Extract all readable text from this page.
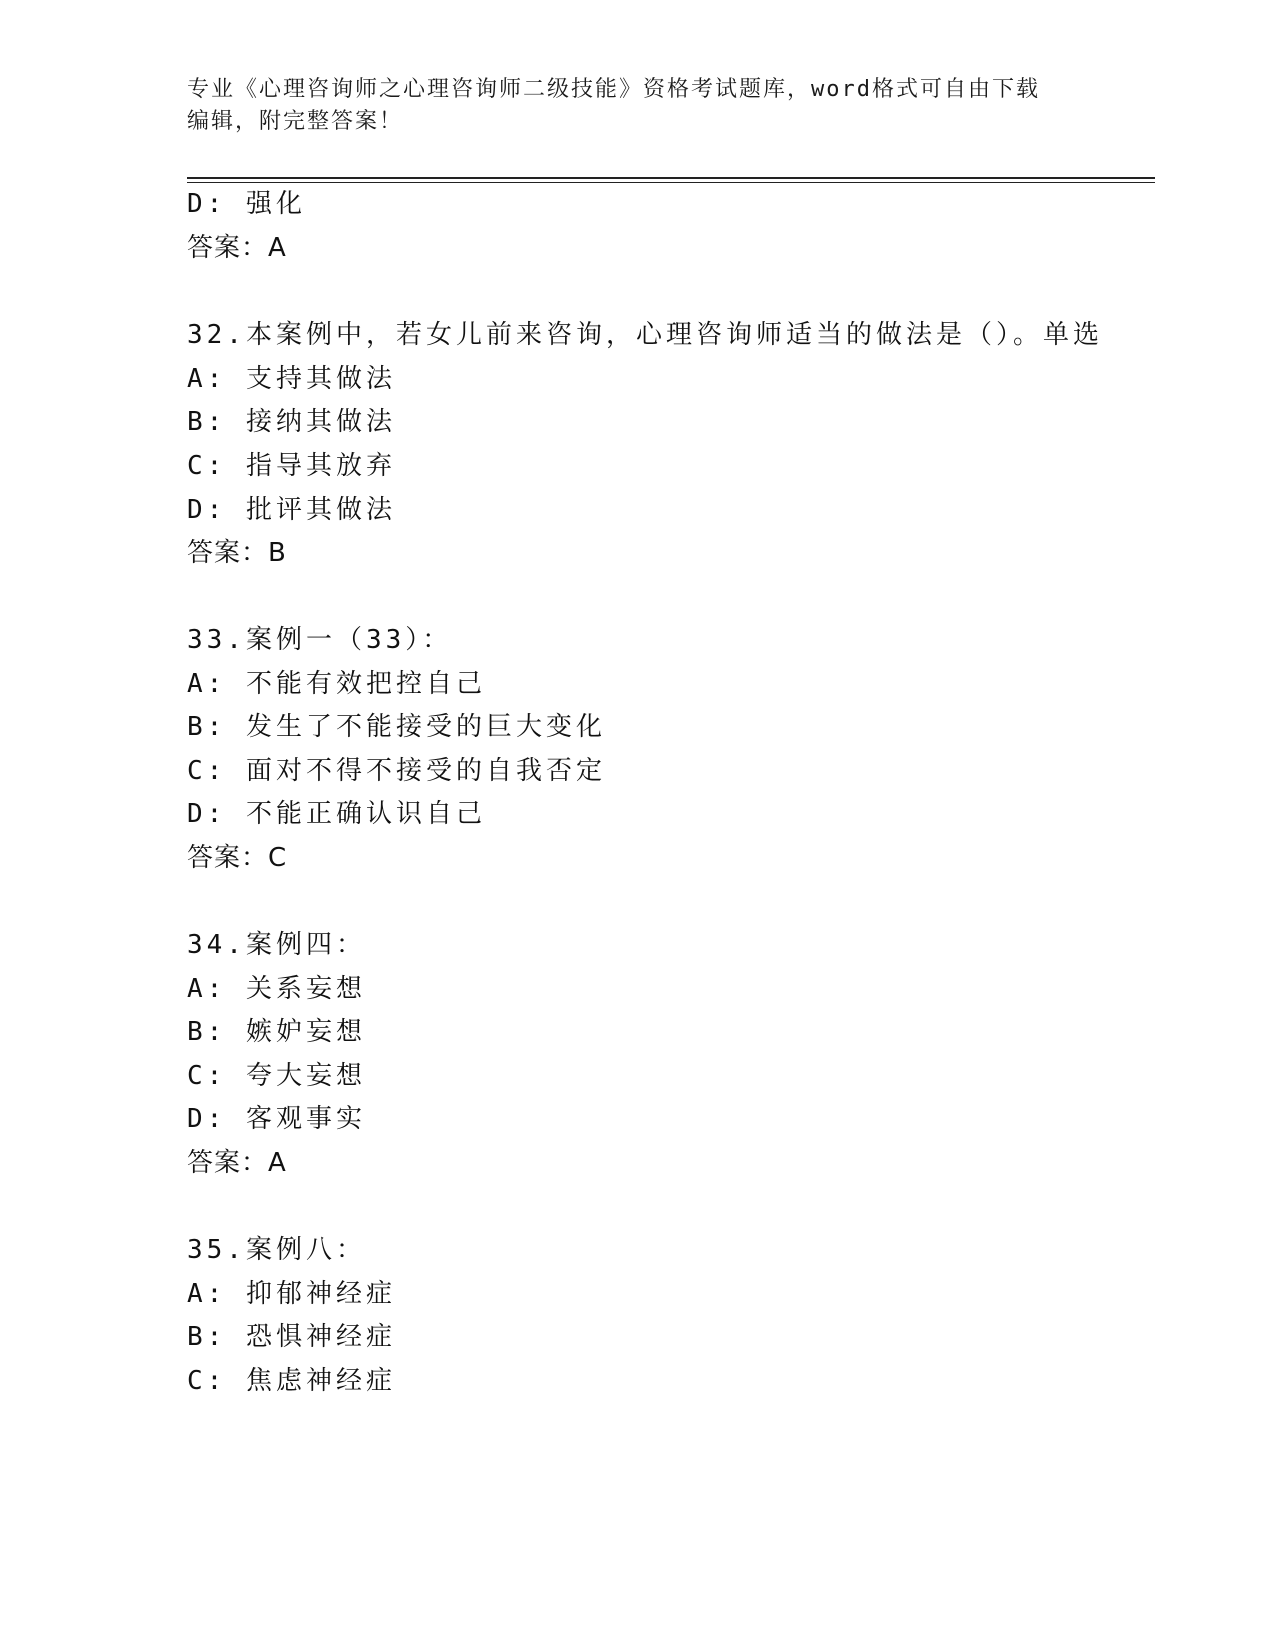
专业《心理咨询师之心理咨询师二级技能》资格考试题库，word格式可自由下载
编辑，附完整答案！
D: 强化
答案：A
32.本案例中，若女儿前来咨询，心理咨询师适当的做法是（）。单选
A: 支持其做法
B: 接纳其做法
C: 指导其放弃
D: 批评其做法
答案：B
33.案例一（33）：
A: 不能有效把控自己
B: 发生了不能接受的巨大变化
C: 面对不得不接受的自我否定
D: 不能正确认识自己
答案：C
34.案例四：
A: 关系妄想
B: 嫉妒妄想
C: 夸大妄想
D: 客观事实
答案：A
35.案例八：
A: 抑郁神经症
B: 恐惧神经症
C: 焦虑神经症
